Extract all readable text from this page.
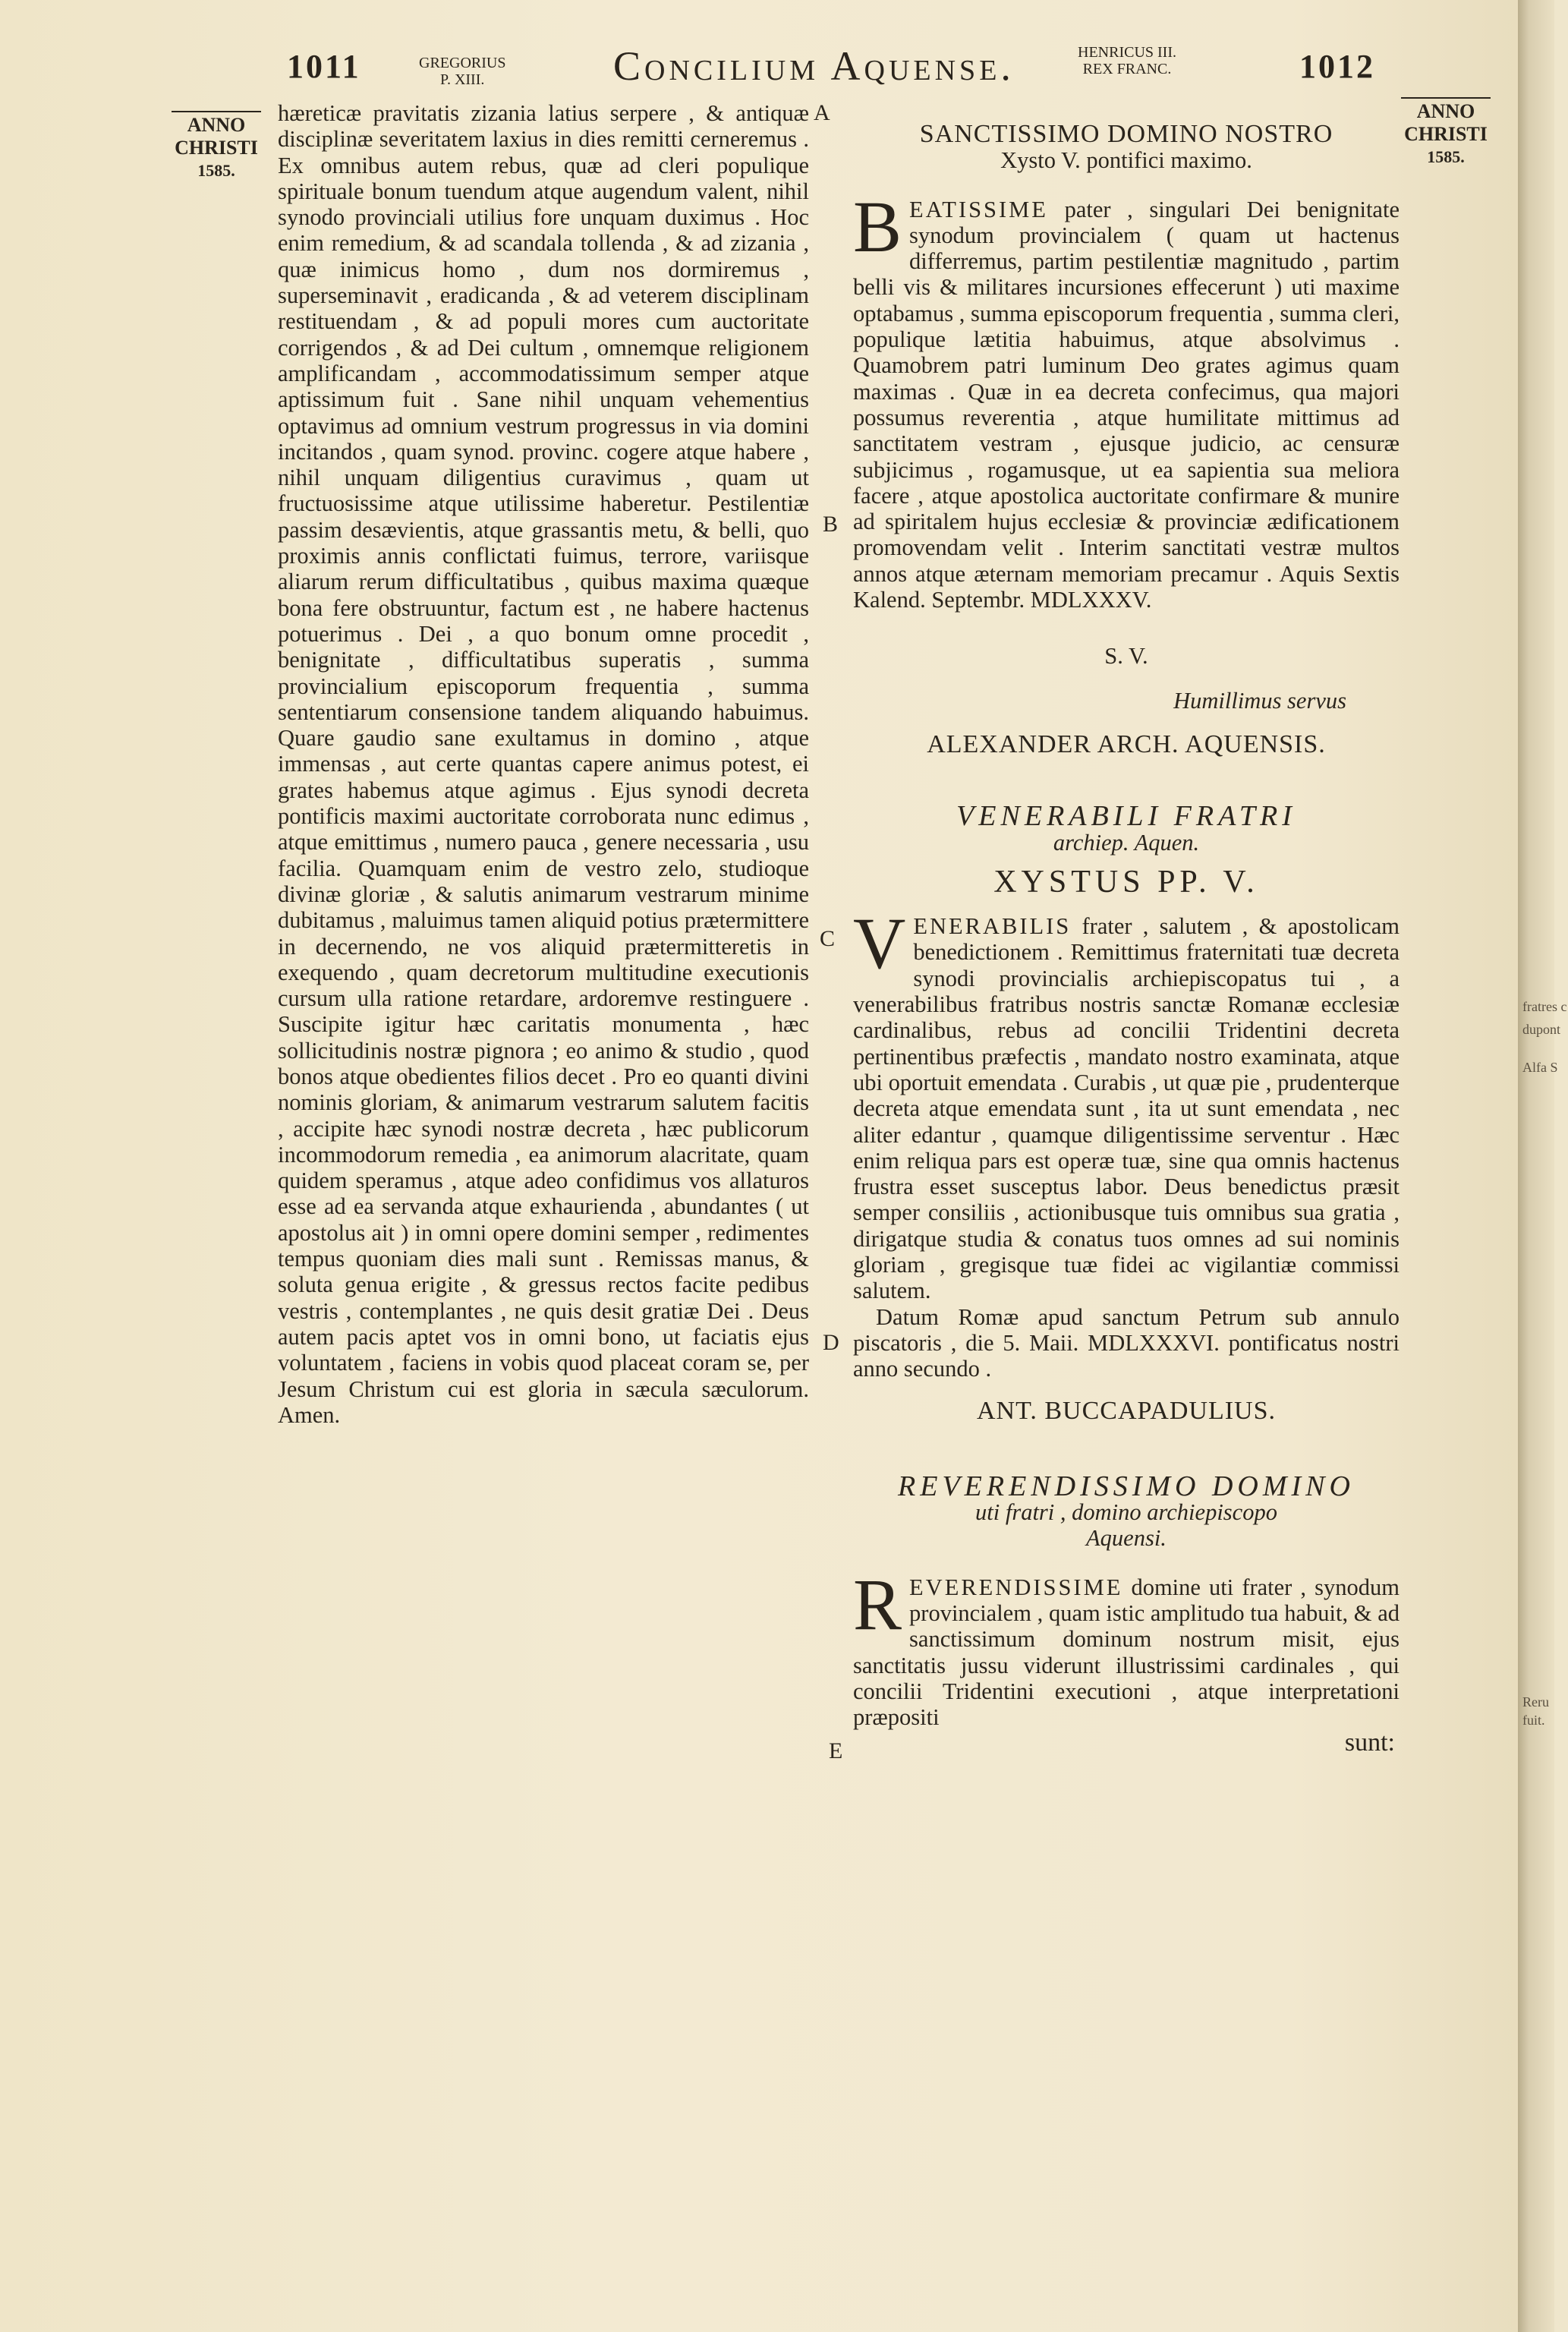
1011	GREGORIUS
P. XIII.	Concilium Aquense.	HENRICUS III.
REX FRANC.	1012
ANNO
CHRISTI
1585.
ANNO
CHRISTI
1585.
A
B
C
D
E

hæreticæ pravitatis zizania latius serpere , & antiquæ disciplinæ severitatem laxius in dies remitti cerneremus . Ex omnibus autem rebus, quæ ad cleri populique spirituale bonum tuendum atque augendum valent, nihil synodo provinciali utilius fore unquam duximus . Hoc enim remedium, & ad scandala tollenda , & ad zizania , quæ inimicus homo , dum nos dormiremus , superseminavit , eradicanda , & ad veterem disciplinam restituendam , & ad populi mores cum auctoritate corrigendos , & ad Dei cultum , omnemque religionem amplificandam , accommodatissimum semper atque aptissimum fuit . Sane nihil unquam vehementius optavimus ad omnium vestrum progressus in via domini incitandos , quam synod. provinc. cogere atque habere , nihil unquam diligentius curavimus , quam ut fructuosissime atque utilissime haberetur. Pestilentiæ passim desævientis, atque grassantis metu, & belli, quo proximis annis conflictati fuimus, terrore, variisque aliarum rerum difficultatibus , quibus maxima quæque bona fere obstruuntur, factum est , ne habere hactenus potuerimus . Dei , a quo bonum omne procedit , benignitate , difficultatibus superatis , summa provincialium episcoporum frequentia , summa sententiarum consensione tandem aliquando habuimus. Quare gaudio sane exultamus in domino , atque immensas , aut certe quantas capere animus potest, ei grates habemus atque agimus . Ejus synodi decreta pontificis maximi auctoritate corroborata nunc edimus , atque emittimus , numero pauca , genere necessaria , usu facilia. Quamquam enim de vestro zelo, studioque divinæ gloriæ , & salutis animarum vestrarum minime dubitamus , maluimus tamen aliquid potius prætermittere in decernendo, ne vos aliquid prætermitteretis in exequendo , quam decretorum multitudine executionis cursum ulla ratione retardare, ardoremve restinguere . Suscipite igitur hæc caritatis monumenta , hæc sollicitudinis nostræ pignora ; eo animo & studio , quod bonos atque obedientes filios decet . Pro eo quanti divini nominis gloriam, & animarum vestrarum salutem facitis , accipite hæc synodi nostræ decreta , hæc publicorum incommodorum remedia , ea animorum alacritate, quam quidem speramus , atque adeo confidimus vos allaturos esse ad ea servanda atque exhaurienda , abundantes ( ut apostolus ait ) in omni opere domini semper , redimentes tempus quoniam dies mali sunt . Remissas manus, & soluta genua erigite , & gressus rectos facite pedibus vestris , contemplantes , ne quis desit gratiæ Dei . Deus autem pacis aptet vos in omni bono, ut faciatis ejus voluntatem , faciens in vobis quod placeat coram se, per Jesum Christum cui est gloria in sæcula sæculorum. Amen.

SANCTISSIMO DOMINO NOSTRO
Xysto V. pontifici maximo.

BEATISSIME pater , singulari Dei benignitate synodum provincialem ( quam ut hactenus differremus, partim pestilentiæ magnitudo , partim belli vis & militares incursiones effecerunt ) uti maxime optabamus , summa episcoporum frequentia , summa cleri, populique lætitia habuimus, atque absolvimus . Quamobrem patri luminum Deo grates agimus quam maximas . Quæ in ea decreta confecimus, qua majori possumus reverentia , atque humilitate mittimus ad sanctitatem vestram , ejusque judicio, ac censuræ subjicimus , rogamusque, ut ea sapientia sua meliora facere , atque apostolica auctoritate confirmare & munire ad spiritalem hujus ecclesiæ & provinciæ ædificationem promovendam velit . Interim sanctitati vestræ multos annos atque æternam memoriam precamur . Aquis Sextis Kalend. Septembr. MDLXXXV.

S. V.
Humillimus servus
ALEXANDER ARCH. AQUENSIS.
VENERABILI FRATRI
archiep. Aquen.
XYSTUS PP. V.

VENERABILIS frater , salutem , & apostolicam benedictionem . Remittimus fraternitati tuæ decreta synodi provincialis archiepiscopatus tui , a venerabilibus fratribus nostris sanctæ Romanæ ecclesiæ cardinalibus, rebus ad concilii Tridentini decreta pertinentibus præfectis , mandato nostro examinata, atque ubi oportuit emendata . Curabis , ut quæ pie , prudenterque decreta atque emendata sunt , ita ut sunt emendata , nec aliter edantur , quamque diligentissime serventur . Hæc enim reliqua pars est operæ tuæ, sine qua omnis hactenus frustra esset susceptus labor. Deus benedictus præsit semper consiliis , actionibusque tuis omnibus sua gratia , dirigatque studia & conatus tuos omnes ad sui nominis gloriam , gregisque tuæ fidei ac vigilantiæ commissi salutem.

Datum Romæ apud sanctum Petrum sub annulo piscatoris , die 5. Maii. MDLXXXVI. pontificatus nostri anno secundo .

ANT. BUCCAPADULIUS.
REVERENDISSIMO DOMINO
uti fratri , domino archiepiscopo
Aquensi.

REVERENDISSIME domine uti frater , synodum provincialem , quam istic amplitudo tua habuit, & ad sanctissimum dominum nostrum misit, ejus sanctitatis jussu viderunt illustrissimi cardinales , qui concilii Tridentini executioni , atque interpretationi præpositi

sunt:
fratres c
dupont
Alfa S
Reru
fuit.
